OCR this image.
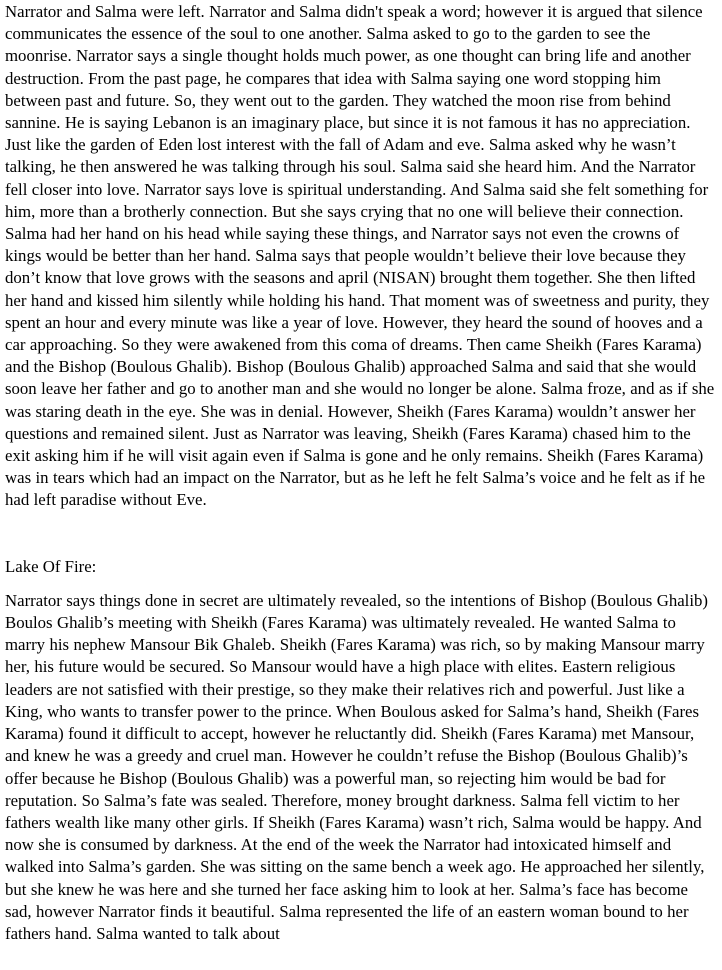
Narrator and Salma were left. Narrator and Salma didn't speak a word; however it is argued that silence communicates the essence of the soul to one another. Salma asked to go to the garden to see the moonrise. Narrator says a single thought holds much power, as one thought can bring life and another destruction. From the past page, he compares that idea with Salma saying one word stopping him between past and future. So, they went out to the garden. They watched the moon rise from behind sannine. He is saying Lebanon is an imaginary place, but since it is not famous it has no appreciation. Just like the garden of Eden lost interest with the fall of Adam and eve. Salma asked why he wasn’t talking, he then answered he was talking through his soul. Salma said she heard him. And the Narrator fell closer into love. Narrator says love is spiritual understanding. And Salma said she felt something for him, more than a brotherly connection. But she says crying that no one will believe their connection. Salma had her hand on his head while saying these things, and Narrator says not even the crowns of kings would be better than her hand. Salma says that people wouldn’t believe their love because they don’t know that love grows with the seasons and april (NISAN) brought them together. She then lifted her hand and kissed him silently while holding his hand. That moment was of sweetness and purity, they spent an hour and every minute was like a year of love. However, they heard the sound of hooves and a car approaching. So they were awakened from this coma of dreams. Then came Sheikh (Fares Karama) and the Bishop (Boulous Ghalib). Bishop (Boulous Ghalib) approached Salma and said that she would soon leave her father and go to another man and she would no longer be alone. Salma froze, and as if she was staring death in the eye. She was in denial. However, Sheikh (Fares Karama) wouldn’t answer her questions and remained silent. Just as Narrator was leaving, Sheikh (Fares Karama) chased him to the exit asking him if he will visit again even if Salma is gone and he only remains. Sheikh (Fares Karama) was in tears which had an impact on the Narrator, but as he left he felt Salma’s voice and he felt as if he had left paradise without Eve.

Lake Of Fire:

Narrator says things done in secret are ultimately revealed, so the intentions of Bishop (Boulous Ghalib) Boulos Ghalib’s meeting with Sheikh (Fares Karama) was ultimately revealed. He wanted Salma to marry his nephew Mansour Bik Ghaleb. Sheikh (Fares Karama) was rich, so by making Mansour marry her, his future would be secured. So Mansour would have a high place with elites. Eastern religious leaders are not satisfied with their prestige, so they make their relatives rich and powerful. Just like a King, who wants to transfer power to the prince. When Boulous asked for Salma’s hand, Sheikh (Fares Karama) found it difficult to accept, however he reluctantly did. Sheikh (Fares Karama) met Mansour, and knew he was a greedy and cruel man. However he couldn’t refuse the Bishop (Boulous Ghalib)’s offer because he Bishop (Boulous Ghalib) was a powerful man, so rejecting him would be bad for reputation. So Salma’s fate was sealed. Therefore, money brought darkness. Salma fell victim to her fathers wealth like many other girls. If Sheikh (Fares Karama) wasn’t rich, Salma would be happy. And now she is consumed by darkness. At the end of the week the Narrator had intoxicated himself and walked into Salma’s garden. She was sitting on the same bench a week ago. He approached her silently, but she knew he was here and she turned her face asking him to look at her. Salma’s face has become sad, however Narrator finds it beautiful. Salma represented the life of an eastern woman bound to her fathers hand. Salma wanted to talk about
